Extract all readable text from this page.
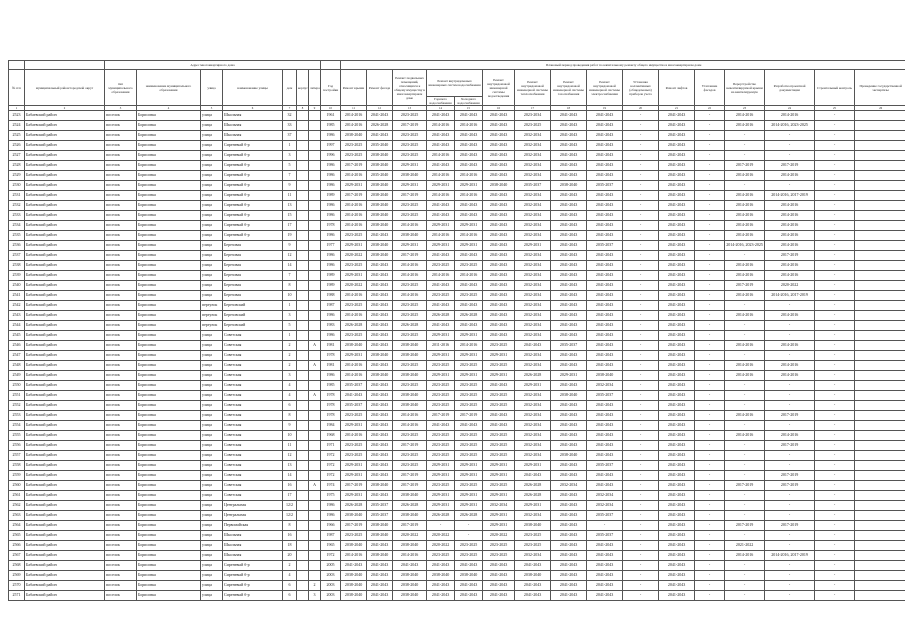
		Адрес многоквартирного дома								Плановый период проведения работ по капитальному ремонту общего имущества в многоквартирном доме															
№ п/п	муниципальный район/городской округ	тип муниципального образования	наименование муниципального образования	улица	наименование улицы	дом	корпус	литера	Год постройки	Ремонт крыши	Ремонт фасада	Ремонт подвальных помещений, относящихся к общему имуществу в многоквартирном доме	Ремонт внутридомовых инженерных систем водоснабжения		Ремонт внутридомовой инженерной системы водоотведения	Ремонт внутридомовой инженерной системы теплоснабжения	Ремонт внутридомовой инженерной системы газоснабжения	Ремонт внутридомовой инженерной системы электроснабжения	Установка коллективных (общедомовых) приборов учета	Ремонт лифтов	Утепление фасадов	Переустройство невентилируемой крыши на вентилируемую	Разработка проектной документации	Строительный контроль	Проведение государственной экспертизы
													Горячего водоснабжения	Холодного водоснабжения											
1	2	3	4	5	6	7	8	9	10	11	12	13	14	15	16	17	18	19	20	21	22	23	24	25	26
2523	Бабаевский район	поселок	Борисовка	улица	Школьная	32			1961	2014-2016	2041-2043	2023-2025	2041-2043	2041-2043	2041-2043	2023-2034	2041-2043	2041-2043	-	2041-2043	-	2014-2016	2014-2016	-	
2524	Бабаевский район	поселок	Борисовка	улица	Школьная	33			1985	2014-2016	2026-2028	2017-2019	2014-2016	2014-2016	2041-2043	2023-2025	2041-2043	2041-2043	-	2041-2043	-	2014-2016	2014-2016, 2023-2025	-	
2525	Бабаевский район	поселок	Борисовка	улица	Школьная	37			1986	2038-2040	2041-2043	2023-2025	2041-2043	2041-2043	2041-2043	2032-2034	2041-2043	2041-2043	-	2041-2043	-	-	-	-	
2526	Бабаевский район	поселок	Борисовка	улица	Сиреневый б-р	1			1997	2023-2025	2035-2040	2023-2025	2041-2043	2041-2043	2041-2043	2032-2034	2041-2043	2041-2043	-	2041-2043	-	-	-	-	
2527	Бабаевский район	поселок	Борисовка	улица	Сиреневый б-р	3			1996	2023-2025	2038-2040	2023-2025	2014-2016	2041-2043	2041-2043	2032-2034	2041-2043	2041-2043	-	2041-2043	-	-	-	-	
2528	Бабаевский район	поселок	Борисовка	улица	Сиреневый б-р	5			1986	2017-2019	2038-2040	2029-2031	2041-2043	2041-2043	2041-2043	2032-2034	2041-2043	2041-2043	-	2041-2043	-	2017-2019	2017-2019	-	
2529	Бабаевский район	поселок	Борисовка	улица	Сиреневый б-р	7			1986	2014-2016	2035-2040	2038-2040	2014-2016	2014-2016	2041-2043	2032-2034	2041-2043	2041-2043	-	2041-2043	-	2014-2016	2014-2016	-	
2530	Бабаевский район	поселок	Борисовка	улица	Сиреневый б-р	9			1986	2029-2031	2038-2040	2029-2031	2029-2031	2029-2031	2038-2040	2035-2037	2038-2040	2035-2037	-	2041-2043	-	-	-	-	
2531	Бабаевский район	поселок	Борисовка	улица	Сиреневый б-р	11			1989	2017-2019	2038-2040	2017-2019	2014-2016	2014-2016	2041-2043	2032-2034	2041-2043	2041-2043	-	2041-2043	-	2014-2016	2014-2016, 2017-2019	-	
2532	Бабаевский район	поселок	Борисовка	улица	Сиреневый б-р	13			1986	2014-2016	2038-2040	2023-2025	2041-2043	2041-2043	2041-2043	2032-2034	2041-2043	2041-2043	-	2041-2043	-	2014-2016	2014-2016	-	
2533	Бабаевский район	поселок	Борисовка	улица	Сиреневый б-р	15			1986	2014-2016	2038-2040	2023-2025	2041-2043	2041-2043	2041-2043	2032-2034	2041-2043	2041-2043	-	2041-2043	-	2014-2016	2014-2016	-	
2534	Бабаевский район	поселок	Борисовка	улица	Сиреневый б-р	17			1978	2014-2016	2038-2040	2014-2016	2029-2031	2029-2031	2041-2043	2032-2034	2041-2043	2041-2043	-	2041-2043	-	2014-2016	2014-2016	-	
2535	Бабаевский район	поселок	Борисовка	улица	Сиреневый б-р	19			1986	2023-2025	2041-2043	2038-2040	2014-2016	2014-2016	2041-2043	2032-2034	2041-2043	2041-2043	-	2041-2043	-	2014-2016	2014-2016	-	
2536	Бабаевский район	поселок	Борисовка	улица	Березовая	9			1977	2029-2031	2038-2040	2029-2031	2029-2031	2029-2031	2041-2043	2029-2031	2041-2043	2035-2037	-	2041-2043	-	2014-2016, 2023-2025	2014-2016	-	
2537	Бабаевский район	поселок	Борисовка	улица	Березовая	12			1986	2020-2022	2038-2040	2017-2019	2041-2043	2041-2043	2041-2043	2032-2034	2041-2043	2041-2043	-	2041-2043	-	-	2017-2019	-	
2538	Бабаевский район	поселок	Борисовка	улица	Березовая	14			1986	2023-2025	2041-2043	2014-2016	2023-2025	2023-2025	2041-2043	2032-2034	2041-2043	2041-2043	-	2041-2043	-	2014-2016	2014-2016	-	
2539	Бабаевский район	поселок	Борисовка	улица	Березовая	7			1989	2029-2031	2041-2043	2014-2016	2014-2016	2014-2016	2041-2043	2032-2034	2041-2043	2041-2043	-	2041-2043	-	2014-2016	2014-2016	-	
2540	Бабаевский район	поселок	Борисовка	улица	Березовая	8			1989	2020-2022	2041-2043	2023-2025	2041-2043	2041-2043	2041-2043	2032-2034	2041-2043	2041-2043	-	2041-2043	-	2017-2019	2020-2022	-	
2541	Бабаевский район	поселок	Борисовка	улица	Березовая	10			1988	2014-2016	2041-2043	2014-2016	2023-2025	2023-2025	2041-2043	2032-2034	2041-2043	2041-2043	-	2041-2043	-	2014-2016	2014-2016, 2017-2019	-	
2542	Бабаевский район	поселок	Борисовка	переулок	Березовский	1			1987	2023-2025	2041-2043	2023-2025	2041-2043	2041-2043	2041-2043	2032-2034	2041-2043	2041-2043	-	2041-2043	-	-	-	-	
2543	Бабаевский район	поселок	Борисовка	переулок	Березовский	3			1986	2014-2016	2041-2043	2023-2025	2026-2028	2026-2028	2041-2043	2032-2034	2041-2043	2041-2043	-	2041-2043	-	2014-2016	2014-2016	-	
2544	Бабаевский район	поселок	Борисовка	переулок	Березовский	5			1983	2026-2028	2041-2043	2026-2028	2041-2043	2041-2043	2041-2043	2032-2034	2041-2043	2041-2043	-	2041-2043	-	-	-	-	
2545	Бабаевский район	поселок	Борисовка	улица	Советская	1			1986	2023-2025	2041-2043	2023-2025	2029-2031	2029-2031	2041-2043	2032-2034	2041-2043	2041-2043	-	2041-2043	-	-	-	-	
2546	Бабаевский район	поселок	Борисовка	улица	Советская	2		А	1981	2038-2040	2041-2043	2038-2040	2011-2016	2014-2016	2023-2025	2041-2043	2035-2037	2041-2043	-	2041-2043	-	2014-2016	2014-2016	-	
2547	Бабаевский район	поселок	Борисовка	улица	Советская	2			1978	2029-2031	2038-2040	2038-2040	2029-2031	2029-2031	2029-2031	2032-2034	2041-2043	2041-2043	-	2041-2043	-	-	-	-	
2548	Бабаевский район	поселок	Борисовка	улица	Советская	2		А	1981	2014-2016	2041-2043	2023-2025	2023-2025	2023-2025	2023-2025	2032-2034	2041-2043	2041-2043	-	2041-2043	-	2014-2016	2014-2016	-	
2549	Бабаевский район	поселок	Борисовка	улица	Советская	3			1986	2014-2016	2038-2040	2038-2040	2029-2031	2029-2031	2029-2031	2026-2028	2029-2031	2038-2040	-	2041-2043	-	2014-2016	2014-2016	-	
2550	Бабаевский район	поселок	Борисовка	улица	Советская	4			1985	2035-2037	2041-2043	2023-2025	2023-2025	2023-2025	2041-2043	2029-2031	2041-2043	2032-2034	-	2041-2043	-	-	-	-	
2551	Бабаевский район	поселок	Борисовка	улица	Советская	4		А	1978	2041-2043	2041-2043	2038-2040	2023-2025	2023-2025	2023-2025	2032-2034	2038-2040	2035-2037	-	2041-2043	-	-	-	-	
2552	Бабаевский район	поселок	Борисовка	улица	Советская	6			1978	2035-2037	2041-2043	2038-2040	2023-2025	2023-2025	2023-2025	2032-2034	2041-2043	2041-2043	-	2041-2043	-	-	-	-	
2553	Бабаевский район	поселок	Борисовка	улица	Советская	8			1978	2023-2025	2041-2043	2014-2016	2017-2019	2017-2019	2041-2043	2032-2034	2041-2043	2041-2043	-	2041-2043	-	2014-2016	2017-2019	-	
2554	Бабаевский район	поселок	Борисовка	улица	Советская	9			1984	2029-2031	2041-2043	2014-2016	2041-2043	2041-2043	2041-2043	2032-2034	2041-2043	2041-2043	-	2041-2043	-	-	-	-	
2555	Бабаевский район	поселок	Борисовка	улица	Советская	10			1968	2014-2016	2041-2043	2023-2025	2023-2025	2023-2025	2023-2025	2032-2034	2041-2043	2041-2043	-	2041-2043	-	2014-2016	2014-2016	-	
2556	Бабаевский район	поселок	Борисовка	улица	Советская	11			1971	2023-2025	2041-2043	2017-2019	2023-2025	2023-2025	2023-2025	2032-2034	2041-2043	2041-2043	-	2041-2043	-	-	2017-2019	-	
2557	Бабаевский район	поселок	Борисовка	улица	Советская	12			1972	2023-2025	2041-2043	2023-2025	2023-2025	2023-2025	2023-2025	2032-2034	2038-2040	2041-2043	-	2041-2043	-	-	-	-	
2558	Бабаевский район	поселок	Борисовка	улица	Советская	13			1972	2029-2031	2041-2043	2023-2025	2029-2031	2029-2031	2029-2031	2029-2031	2041-2043	2035-2037	-	2041-2043	-	-	-	-	
2559	Бабаевский район	поселок	Борисовка	улица	Советская	14			1972	2029-2031	2041-2043	2017-2019	2029-2031	2029-2031	2029-2031	2041-2043	2041-2043	2041-2043	-	2041-2043	-	-	2017-2019	-	
2560	Бабаевский район	поселок	Борисовка	улица	Советская	16		А	1974	2017-2019	2038-2040	2017-2019	2023-2025	2023-2025	2023-2025	2026-2028	2032-2034	2041-2043	-	2041-2043	-	2017-2019	2017-2019	-	
2561	Бабаевский район	поселок	Борисовка	улица	Советская	17			1975	2029-2031	2041-2043	2038-2040	2029-2031	2029-2031	2029-2031	2026-2028	2041-2043	2032-2034	-	2041-2043	-	-	-	-	
2562	Бабаевский район	поселок	Борисовка	улица	Центральная	12/2			1986	2026-2028	2035-2037	2026-2028	2029-2031	2029-2031	2032-2034	2029-2031	2041-2043	2032-2034	-	2041-2043	-	-	-	-	
2563	Бабаевский район	поселок	Борисовка	улица	Центральная	12/2			1986	2038-2040	2035-2037	2038-2040	2026-2028	2026-2028	2029-2031	2032-2034	2041-2043	2035-2037	-	2041-2043	-	-	-	-	
2564	Бабаевский район	поселок	Борисовка	улица	Первомайская	8			1966	2017-2019	2038-2040	2017-2019	-	-	2029-2031	2038-2040	2041-2043	-	-	2041-2043	-	2017-2019	2017-2019	-	
2565	Бабаевский район	поселок	Борисовка	улица	Школьная	16			1987	2023-2025	2038-2040	2020-2022	2020-2022	-	2020-2022	2023-2025	2041-2043	2035-2037	-	2041-2043	-	-	-	-	
2566	Бабаевский район	поселок	Борисовка	улица	Школьная	18			1965	2038-2040	2041-2043	2038-2040	2020-2022	2023-2025	2023-2025	2023-2025	2041-2043	2041-2043	-	2041-2043	-	2021-2022	-	-	
2567	Бабаевский район	поселок	Борисовка	улица	Школьная	20			1972	2014-2016	2038-2040	2014-2016	2023-2025	2023-2025	2023-2025	2032-2034	2041-2043	2041-2043	-	2041-2043	-	2014-2016	2014-2016, 2017-2019	-	
2568	Бабаевский район	поселок	Борисовка	улица	Сиреневый б-р	2			2005	2041-2043	2041-2043	2041-2043	2041-2043	2041-2043	2041-2043	2041-2043	2041-2043	2041-2043	-	2041-2043	-	-	-	-	
2569	Бабаевский район	поселок	Борисовка	улица	Сиреневый б-р	4			2003	2038-2040	2041-2043	2038-2040	2038-2040	2038-2040	2041-2043	2038-2040	2041-2043	2041-2043	-	2041-2043	-	-	-	-	
2570	Бабаевский район	поселок	Борисовка	улица	Сиреневый б-р	6		2	2003	2038-2040	2041-2043	2038-2040	2041-2043	2041-2043	2041-2043	2041-2043	2041-2043	2041-2043	-	2041-2043	-	-	-	-	
2571	Бабаевский район	поселок	Борисовка	улица	Сиреневый б-р	6		3	2003	2038-2040	2041-2043	2038-2040	2041-2043	2041-2043	2041-2043	2041-2043	2041-2043	2041-2043	-	2041-2043	-	-	-	-	
